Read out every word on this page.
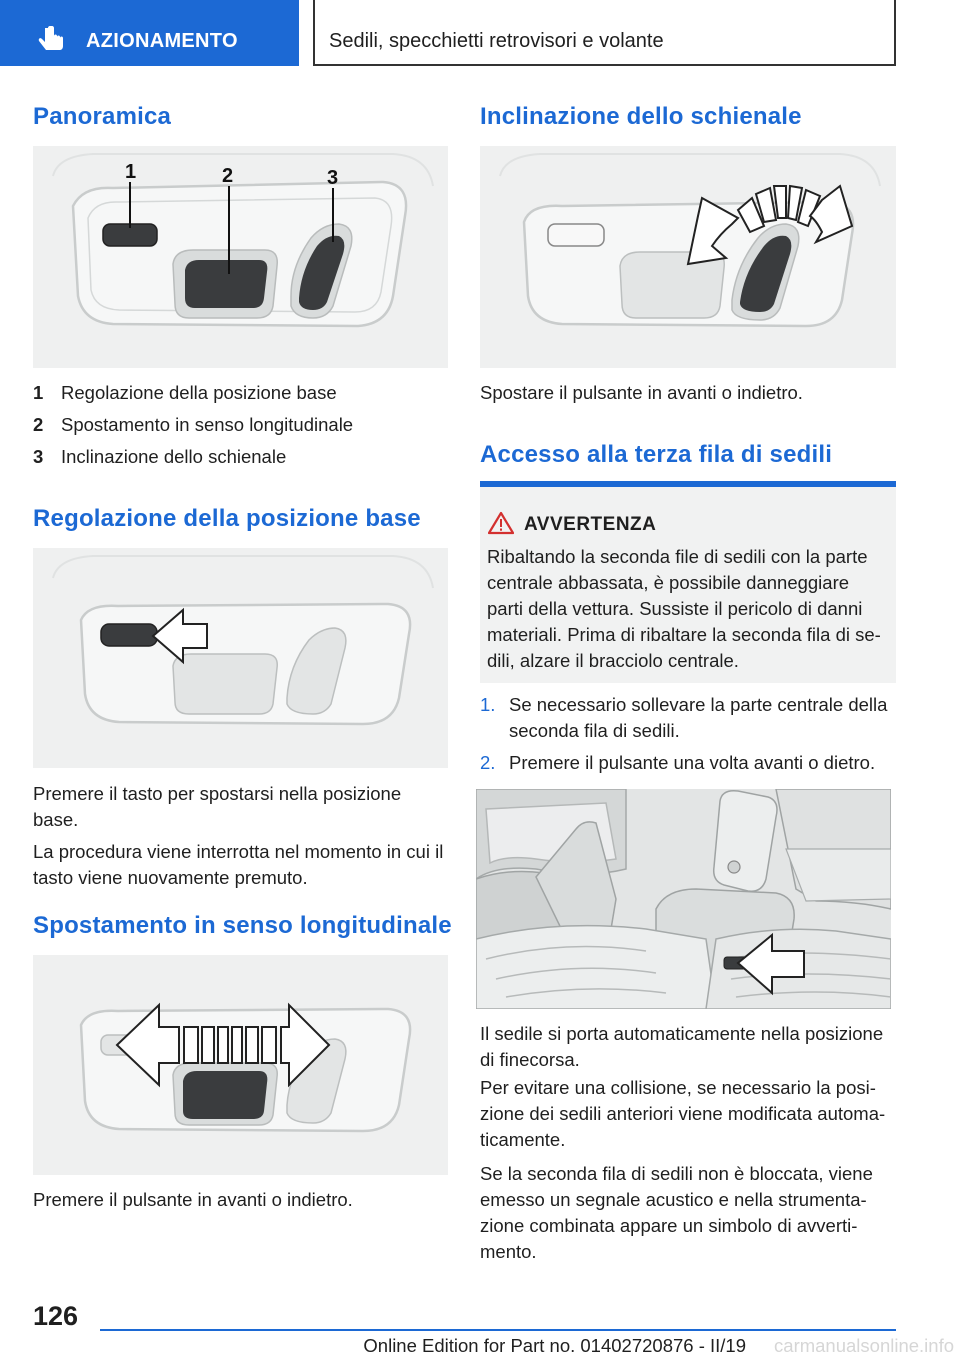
AZIONAMENTO	Sedili, specchietti retrovisori e volante
Panoramica
1	2	3
1 Regolazione della posizione base
2 Spostamento in senso longitudinale
3 Inclinazione dello schienale
Regolazione della posizione base

Premere il tasto per spostarsi nella posizione base.

La procedura viene interrotta nel momento in cui il tasto viene nuovamente premuto.

Spostamento in senso longitudinale

Premere il pulsante in avanti o indietro.

Inclinazione dello schienale

Spostare il pulsante in avanti o indietro.

Accesso alla terza fila di sedili
AVVERTENZA

Ribaltando la seconda file di sedili con la parte centrale abbassata, è possibile danneggiare parti della vettura. Sussiste il pericolo di danni materiali. Prima di ribaltare la seconda fila di sedili, alzare il bracciolo centrale.

1. Se necessario sollevare la parte centrale della seconda fila di sedili.
2. Premere il pulsante una volta avanti o dietro.

Il sedile si porta automaticamente nella posizione di finecorsa.

Per evitare una collisione, se necessario la posizione dei sedili anteriori viene modificata automaticamente.

Se la seconda fila di sedili non è bloccata, viene emesso un segnale acustico e nella strumentazione combinata appare un simbolo di avvertimento.

126
Online Edition for Part no. 01402720876 - II/19	carmanualsonline.info
